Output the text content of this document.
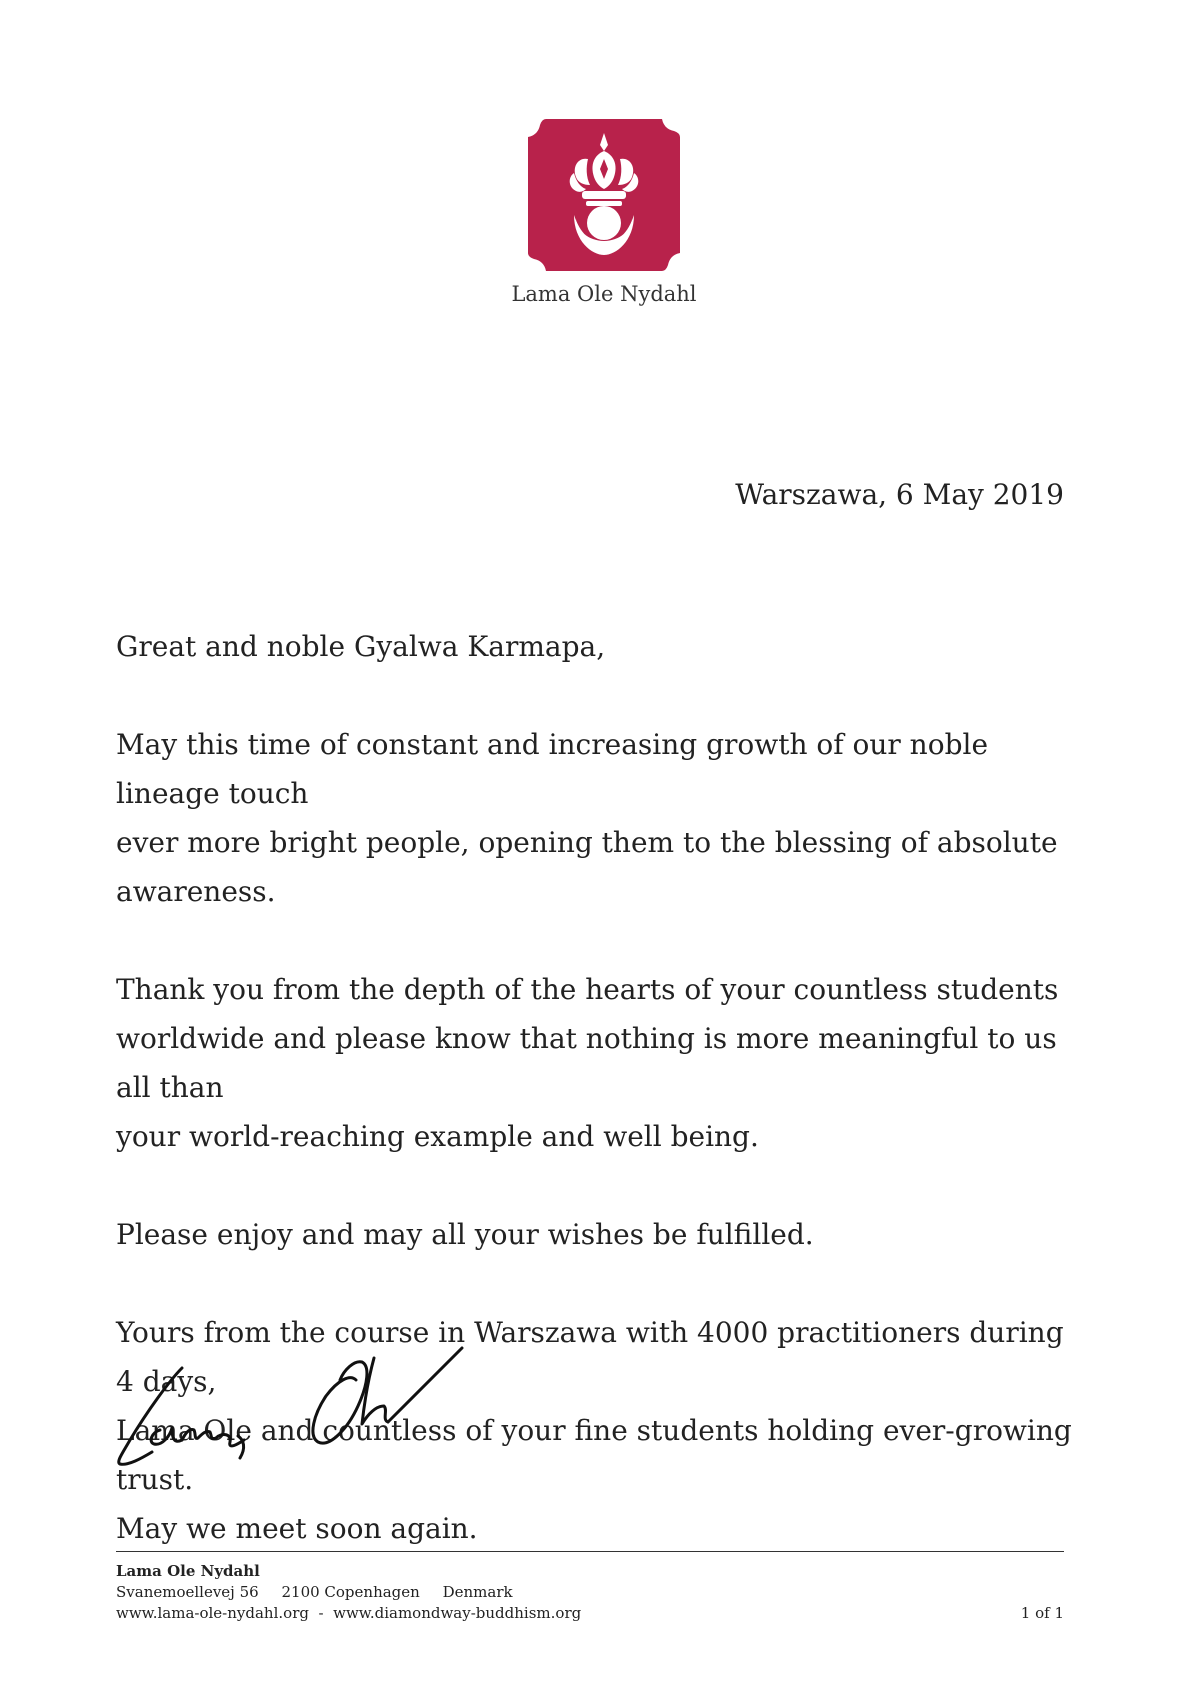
Lama Ole Nydahl
Warszawa, 6 May 2019

Great and noble Gyalwa Karmapa,

May this time of constant and increasing growth of our noble lineage touch
ever more bright people, opening them to the blessing of absolute awareness.

Thank you from the depth of the hearts of your countless students
worldwide and please know that nothing is more meaningful to us all than
your world-reaching example and well being.

Please enjoy and may all your wishes be fulfilled.

Yours from the course in Warszawa with 4000 practitioners during 4 days,
Lama Ole and countless of your fine students holding ever-growing trust.
May we meet soon again.

Lama Ole Nydahl
Svanemoellevej 56 2100 Copenhagen Denmark
www.lama-ole-nydahl.org  -  www.diamondway-buddhism.org	1 of 1
